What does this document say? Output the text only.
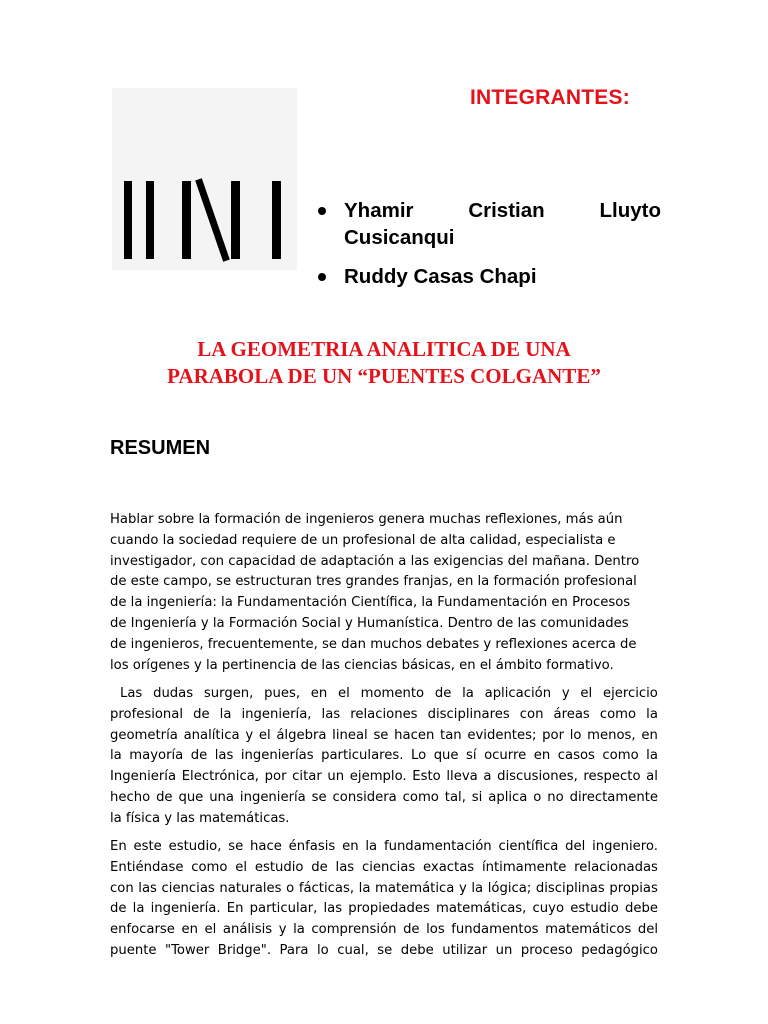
INTEGRANTES:
Yhamir	Cristian	Lluyto
Cusicanqui
Ruddy Casas Chapi
LA GEOMETRIA ANALITICA DE UNA
PARABOLA DE UN “PUENTES COLGANTE”
RESUMEN
Hablar sobre la formación de ingenieros genera muchas reflexiones, más aún
cuando la sociedad requiere de un profesional de alta calidad, especialista e
investigador, con capacidad de adaptación a las exigencias del mañana. Dentro
de este campo, se estructuran tres grandes franjas, en la formación profesional
de la ingeniería: la Fundamentación Científica, la Fundamentación en Procesos
de Ingeniería y la Formación Social y Humanística. Dentro de las comunidades
de ingenieros, frecuentemente, se dan muchos debates y reflexiones acerca de
los orígenes y la pertinencia de las ciencias básicas, en el ámbito formativo.
Las dudas surgen, pues, en el momento de la aplicación y el ejercicio
profesional de la ingeniería, las relaciones disciplinares con áreas como la
geometría analítica y el álgebra lineal se hacen tan evidentes; por lo menos, en
la mayoría de las ingenierías particulares. Lo que sí ocurre en casos como la
Ingeniería Electrónica, por citar un ejemplo. Esto lleva a discusiones, respecto al
hecho de que una ingeniería se considera como tal, si aplica o no directamente
la física y las matemáticas.
En este estudio, se hace énfasis en la fundamentación científica del ingeniero.
Entiéndase como el estudio de las ciencias exactas íntimamente relacionadas
con las ciencias naturales o fácticas, la matemática y la lógica; disciplinas propias
de la ingeniería. En particular, las propiedades matemáticas, cuyo estudio debe
enfocarse en el análisis y la comprensión de los fundamentos matemáticos del
puente "Tower Bridge". Para lo cual, se debe utilizar un proceso pedagógico
